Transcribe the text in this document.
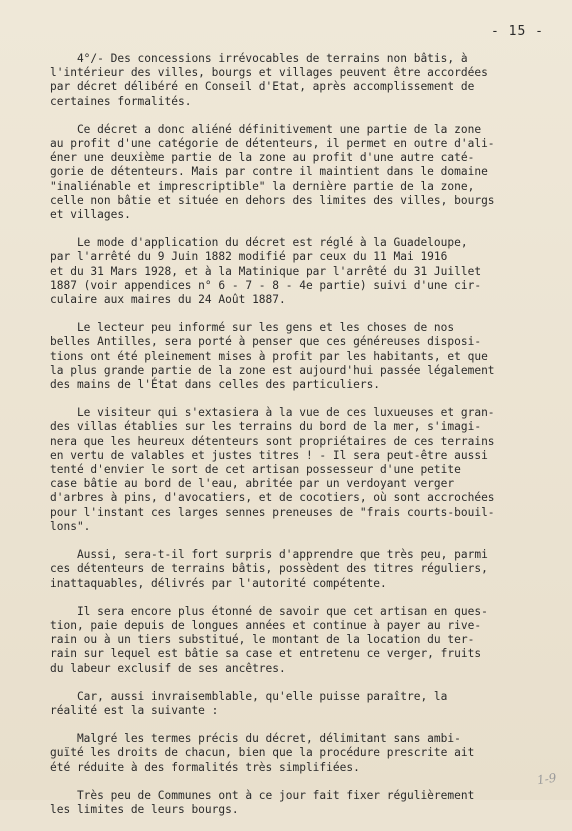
- 15 -

4°/- Des concessions irrévocables de terrains non bâtis, à
l'intérieur des villes, bourgs et villages peuvent être accordées
par décret délibéré en Conseil d'Etat, après accomplissement de
certaines formalités.

Ce décret a donc aliéné définitivement une partie de la zone
au profit d'une catégorie de détenteurs, il permet en outre d'ali-
éner une deuxième partie de la zone au profit d'une autre caté-
gorie de détenteurs. Mais par contre il maintient dans le domaine
"inaliénable et imprescriptible" la dernière partie de la zone,
celle non bâtie et située en dehors des limites des villes, bourgs
et villages.

Le mode d'application du décret est réglé à la Guadeloupe,
par l'arrêté du 9 Juin 1882 modifié par ceux du 11 Mai 1916
et du 31 Mars 1928, et à la Matinique par l'arrêté du 31 Juillet
1887 (voir appendices n° 6 - 7 - 8 - 4e partie) suivi d'une cir-
culaire aux maires du 24 Août 1887.

Le lecteur peu informé sur les gens et les choses de nos
belles Antilles, sera porté à penser que ces généreuses disposi-
tions ont été pleinement mises à profit par les habitants, et que
la plus grande partie de la zone est aujourd'hui passée légalement
des mains de l'État dans celles des particuliers.

Le visiteur qui s'extasiera à la vue de ces luxueuses et gran-
des villas établies sur les terrains du bord de la mer, s'imagi-
nera que les heureux détenteurs sont propriétaires de ces terrains
en vertu de valables et justes titres ! - Il sera peut-être aussi
tenté d'envier le sort de cet artisan possesseur d'une petite
case bâtie au bord de l'eau, abritée par un verdoyant verger
d'arbres à pins, d'avocatiers, et de cocotiers, où sont accrochées
pour l'instant ces larges sennes preneuses de "frais courts-bouil-
lons".

Aussi, sera-t-il fort surpris d'apprendre que très peu, parmi
ces détenteurs de terrains bâtis, possèdent des titres réguliers,
inattaquables, délivrés par l'autorité compétente.

Il sera encore plus étonné de savoir que cet artisan en ques-
tion, paie depuis de longues années et continue à payer au rive-
rain ou à un tiers substitué, le montant de la location du ter-
rain sur lequel est bâtie sa case et entretenu ce verger, fruits
du labeur exclusif de ses ancêtres.

Car, aussi invraisemblable, qu'elle puisse paraître, la
réalité est la suivante :

Malgré les termes précis du décret, délimitant sans ambi-
guïté les droits de chacun, bien que la procédure prescrite ait
été réduite à des formalités très simplifiées.

Très peu de Communes ont à ce jour fait fixer régulièrement
les limites de leurs bourgs.

1-9
